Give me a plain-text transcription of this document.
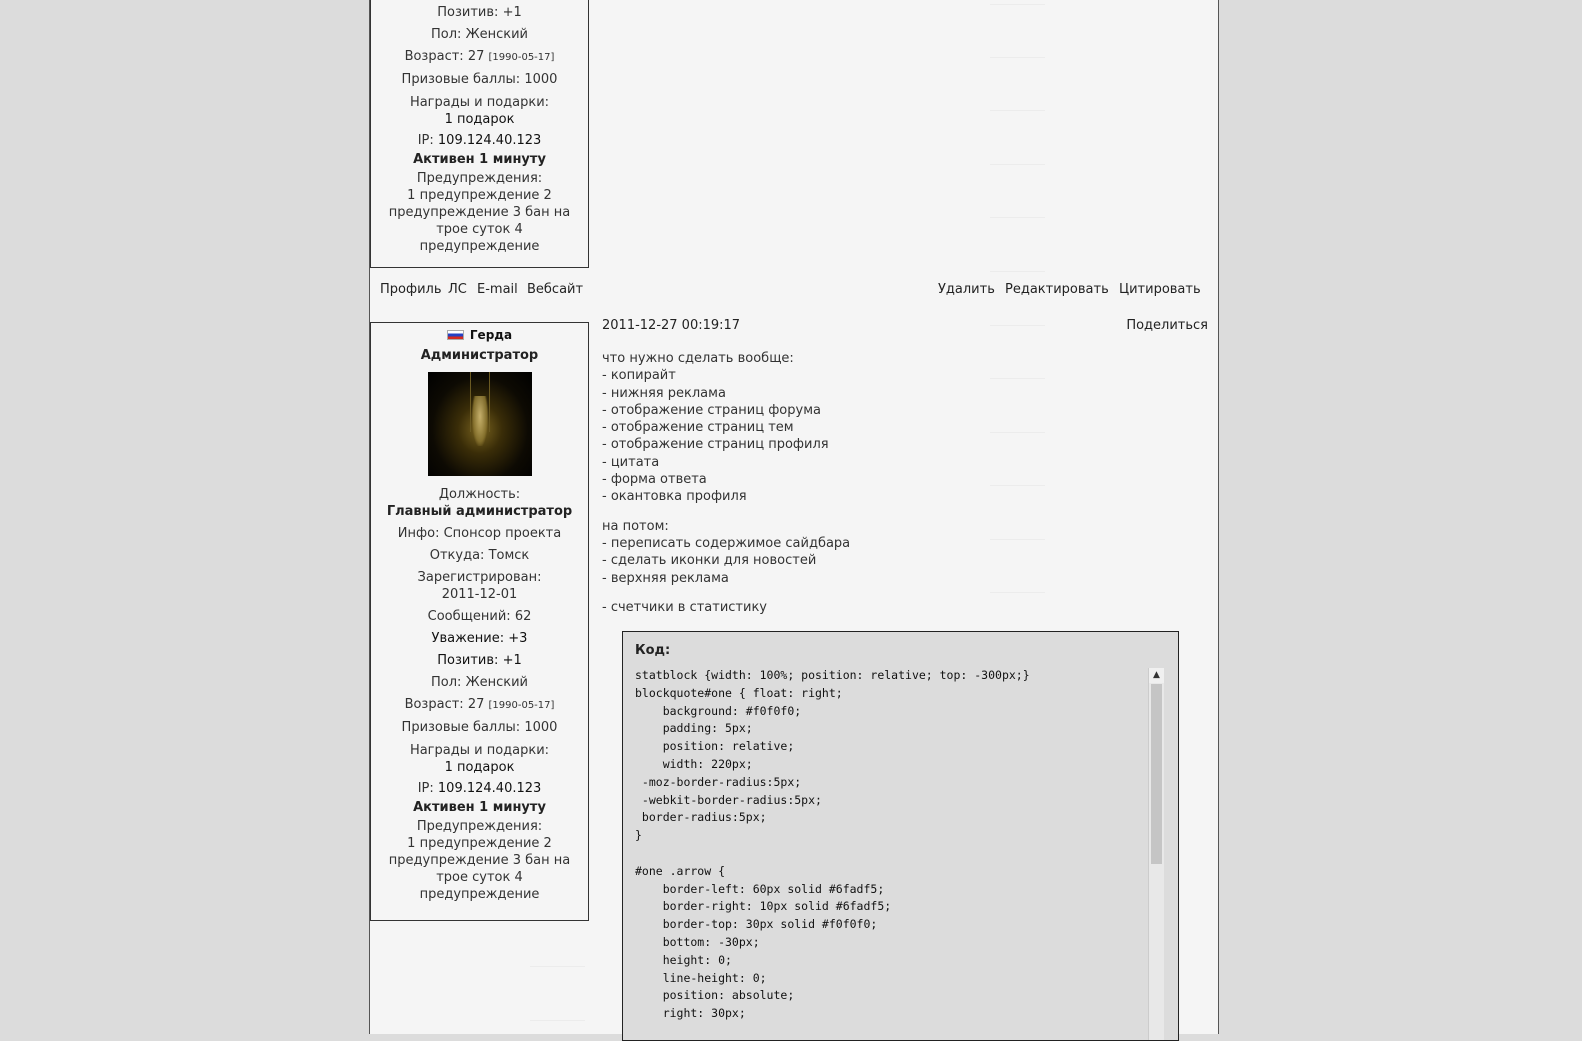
Позитив: +1

Пол: Женский

Возраст: 27 [1990-05-17]

Призовые баллы: 1000

Награды и подарки:

1 подарок

IP: 109.124.40.123

Активен 1 минуту

Предупреждения:

1 предупреждение 2 предупреждение 3 бан на трое суток 4 предупреждение

Профиль ЛС E-mail Вебсайт	Удалить Редактировать Цитировать
Герда

Администратор

Должность:

Главный администратор

Инфо: Спонсор проекта

Откуда: Томск

Зарегистрирован:

2011-12-01

Сообщений: 62

Уважение: +3

Позитив: +1

Пол: Женский

Возраст: 27 [1990-05-17]

Призовые баллы: 1000

Награды и подарки:

1 подарок

IP: 109.124.40.123

Активен 1 минуту

Предупреждения:

1 предупреждение 2 предупреждение 3 бан на трое суток 4 предупреждение

2011-12-27 00:19:17	Поделиться

что нужно сделать вообще:

- копирайт

- нижняя реклама

- отображение страниц форума

- отображение страниц тем

- отображение страниц профиля

- цитата

- форма ответа

- окантовка профиля

на потом:

- переписать содержимое сайдбара

- сделать иконки для новостей

- верхняя реклама

- счетчики в статистику

Код:
statblock {width: 100%; position: relative; top: -300px;}
blockquote#one { float: right;
background: #f0f0f0;
padding: 5px;
position: relative;
width: 220px;
-moz-border-radius:5px;
-webkit-border-radius:5px;
border-radius:5px;
}

#one .arrow {
border-left: 60px solid #6fadf5;
border-right: 10px solid #6fadf5;
border-top: 30px solid #f0f0f0;
bottom: -30px;
height: 0;
line-height: 0;
position: absolute;
right: 30px;
▲
